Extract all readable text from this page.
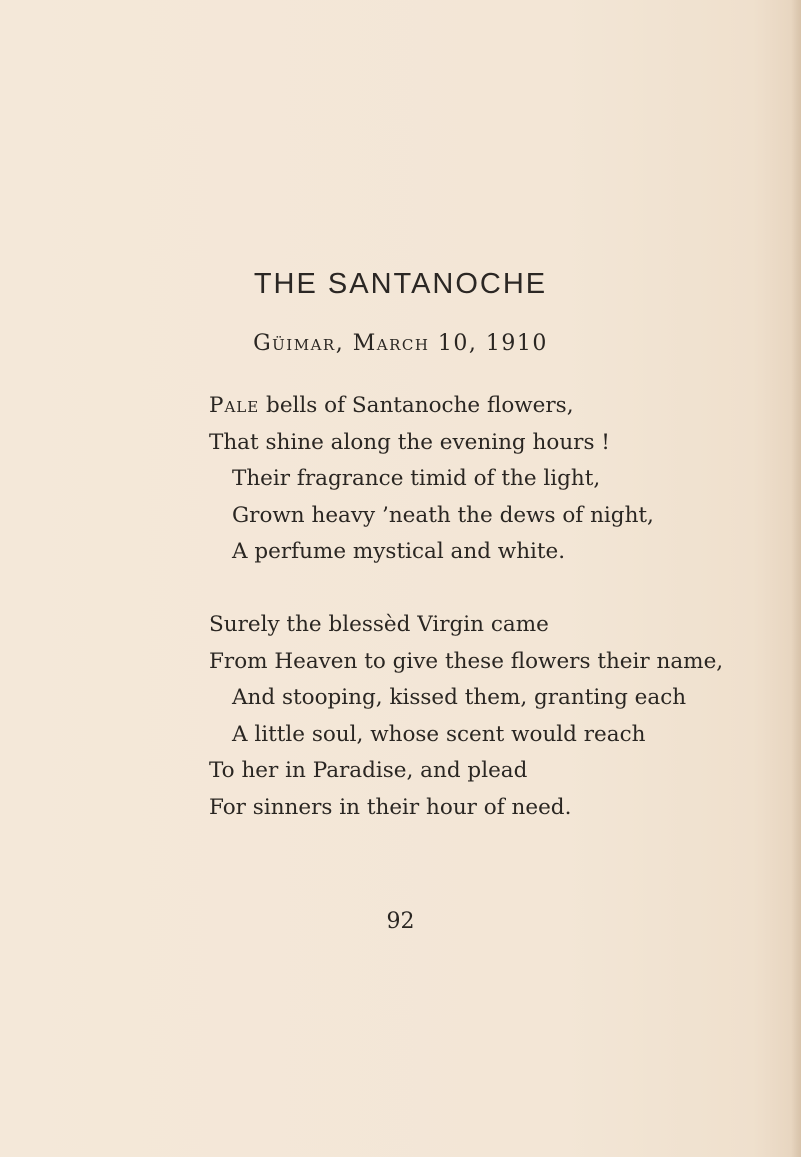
THE SANTANOCHE

Güimar, March 10, 1910

Pale bells of Santanoche flowers,

That shine along the evening hours !

Their fragrance timid of the light,

Grown heavy ’neath the dews of night,

A perfume mystical and white.

Surely the blessèd Virgin came

From Heaven to give these flowers their name,

And stooping, kissed them, granting each

A little soul, whose scent would reach

To her in Paradise, and plead

For sinners in their hour of need.

92
